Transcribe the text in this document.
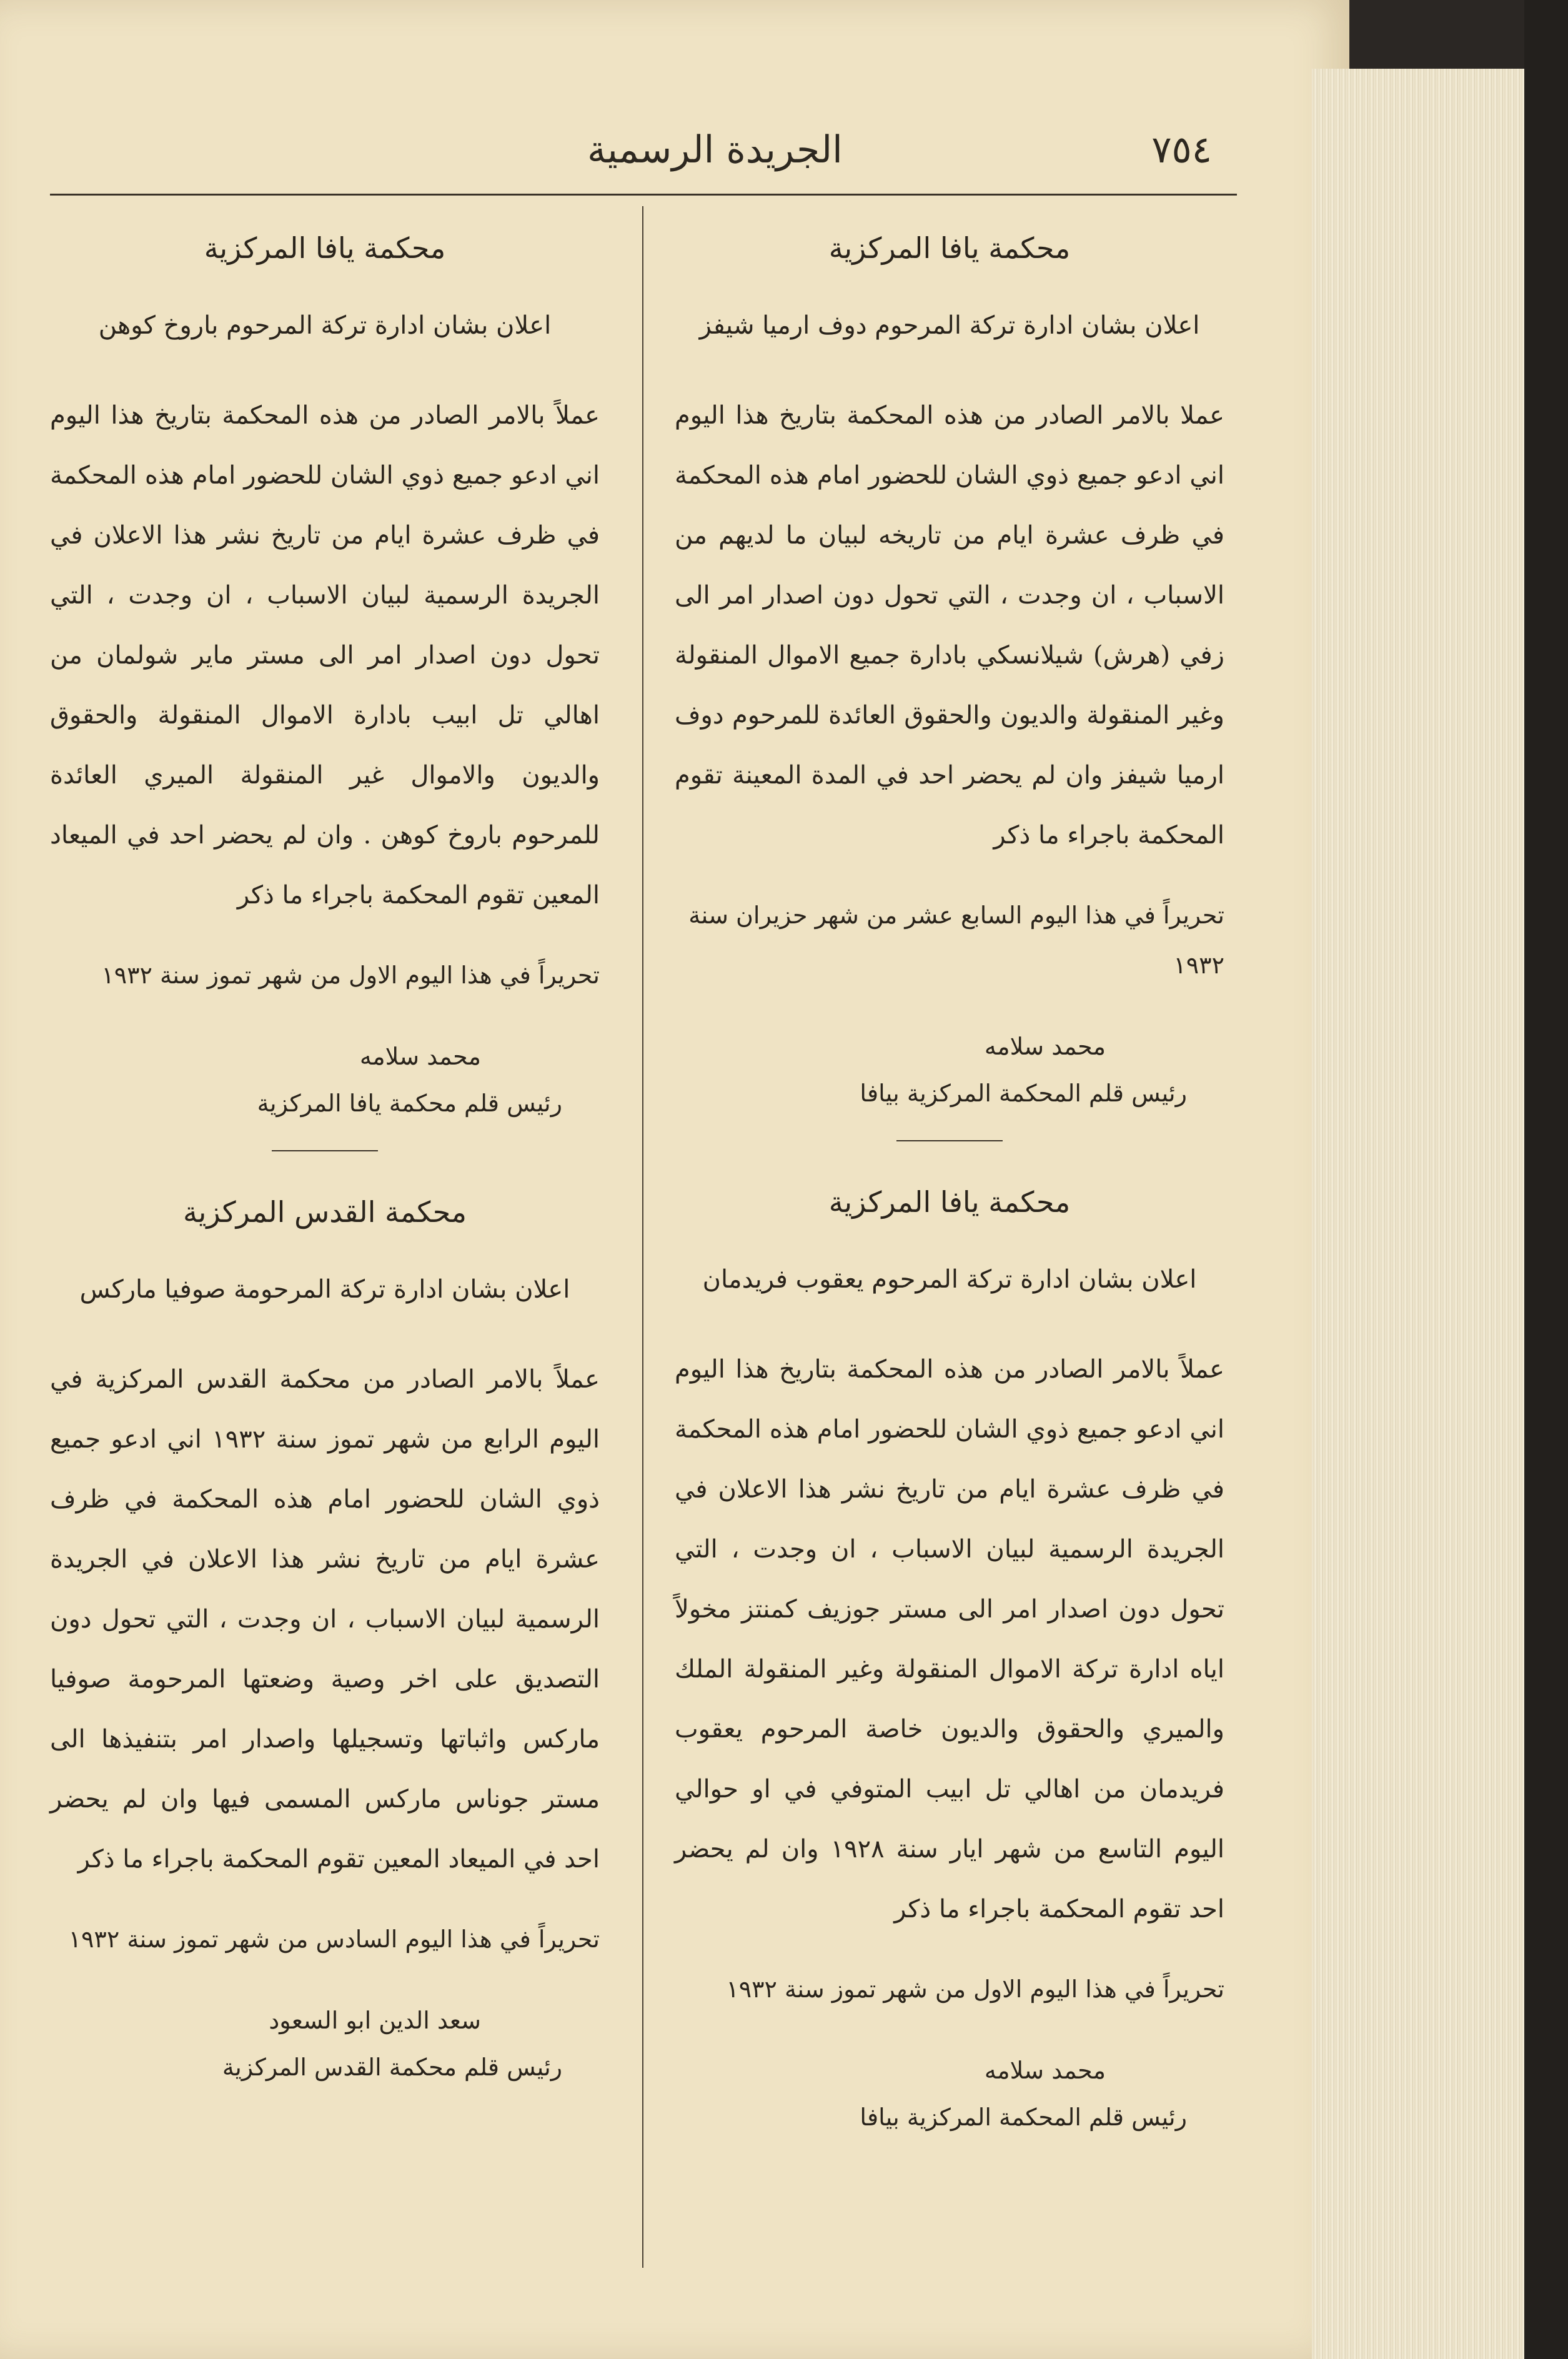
٧٥٤
الجريدة الرسمية
محكمة يافا المركزية
اعلان بشان ادارة تركة المرحوم دوف ارميا شيفز
عملا بالامر الصادر من هذه المحكمة بتاريخ هذا اليوم اني ادعو جميع ذوي الشان للحضور امام هذه المحكمة في ظرف عشرة ايام من تاريخه لبيان ما لديهم من الاسباب ، ان وجدت ، التي تحول دون اصدار امر الى زفي (هرش) شيلانسكي بادارة جميع الاموال المنقولة وغير المنقولة والديون والحقوق العائدة للمرحوم دوف ارميا شيفز وان لم يحضر احد في المدة المعينة تقوم المحكمة باجراء ما ذكر
تحريراً في هذا اليوم السابع عشر من شهر حزيران سنة ١٩٣٢
محمد سلامه
رئيس قلم المحكمة المركزية بيافا
محكمة يافا المركزية
اعلان بشان ادارة تركة المرحوم يعقوب فريدمان
عملاً بالامر الصادر من هذه المحكمة بتاريخ هذا اليوم اني ادعو جميع ذوي الشان للحضور امام هذه المحكمة في ظرف عشرة ايام من تاريخ نشر هذا الاعلان في الجريدة الرسمية لبيان الاسباب ، ان وجدت ، التي تحول دون اصدار امر الى مستر جوزيف كمنتز مخولاً اياه ادارة تركة الاموال المنقولة وغير المنقولة الملك والميري والحقوق والديون خاصة المرحوم يعقوب فريدمان من اهالي تل ابيب المتوفي في او حوالي اليوم التاسع من شهر ايار سنة ١٩٢٨ وان لم يحضر احد تقوم المحكمة باجراء ما ذكر
تحريراً في هذا اليوم الاول من شهر تموز سنة ١٩٣٢
محمد سلامه
رئيس قلم المحكمة المركزية بيافا
محكمة يافا المركزية
اعلان بشان ادارة تركة المرحوم باروخ كوهن
عملاً بالامر الصادر من هذه المحكمة بتاريخ هذا اليوم اني ادعو جميع ذوي الشان للحضور امام هذه المحكمة في ظرف عشرة ايام من تاريخ نشر هذا الاعلان في الجريدة الرسمية لبيان الاسباب ، ان وجدت ، التي تحول دون اصدار امر الى مستر ماير شولمان من اهالي تل ابيب بادارة الاموال المنقولة والحقوق والديون والاموال غير المنقولة الميري العائدة للمرحوم باروخ كوهن . وان لم يحضر احد في الميعاد المعين تقوم المحكمة باجراء ما ذكر
تحريراً في هذا اليوم الاول من شهر تموز سنة ١٩٣٢
محمد سلامه
رئيس قلم محكمة يافا المركزية
محكمة القدس المركزية
اعلان بشان ادارة تركة المرحومة صوفيا ماركس
عملاً بالامر الصادر من محكمة القدس المركزية في اليوم الرابع من شهر تموز سنة ١٩٣٢ اني ادعو جميع ذوي الشان للحضور امام هذه المحكمة في ظرف عشرة ايام من تاريخ نشر هذا الاعلان في الجريدة الرسمية لبيان الاسباب ، ان وجدت ، التي تحول دون التصديق على اخر وصية وضعتها المرحومة صوفيا ماركس واثباتها وتسجيلها واصدار امر بتنفيذها الى مستر جوناس ماركس المسمى فيها وان لم يحضر احد في الميعاد المعين تقوم المحكمة باجراء ما ذكر
تحريراً في هذا اليوم السادس من شهر تموز سنة ١٩٣٢
سعد الدين ابو السعود
رئيس قلم محكمة القدس المركزية
